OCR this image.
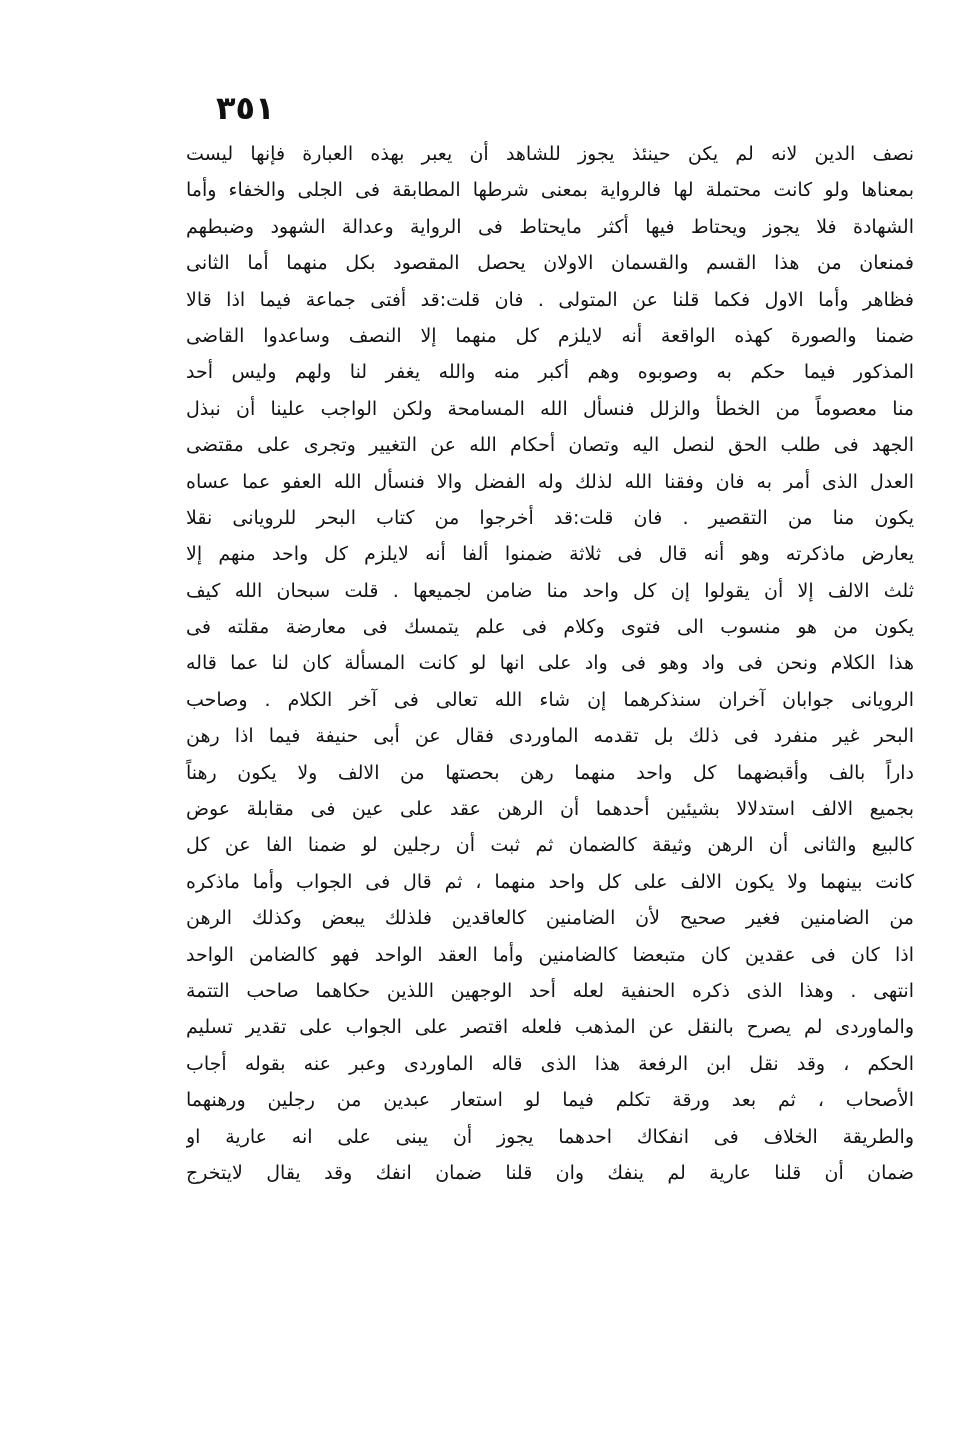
٣٥١
نصف الدين لانه لم يكن حينئذ يجوز للشاهد أن يعبر بهذه العبارة فإنها ليست
بمعناها ولو كانت محتملة لها فالرواية بمعنى شرطها المطابقة فى الجلى والخفاء وأما
الشهادة فلا يجوز ويحتاط فيها أكثر مايحتاط فى الرواية وعدالة الشهود وضبطهم
فمنعان من هذا القسم والقسمان الاولان يحصل المقصود بكل منهما أما الثانى
فظاهر وأما الاول فكما قلنا عن المتولى . فان قلت:قد أفتى جماعة فيما اذا قالا
ضمنا والصورة كهذه الواقعة أنه لايلزم كل منهما إلا النصف وساعدوا القاضى
المذكور فيما حكم به وصوبوه وهم أكبر منه والله يغفر لنا ولهم وليس أحد
منا معصوماً من الخطأ والزلل فنسأل الله المسامحة ولكن الواجب علينا أن نبذل
الجهد فى طلب الحق لنصل اليه وتصان أحكام الله عن التغيير وتجرى على مقتضى
العدل الذى أمر به فان وفقنا الله لذلك وله الفضل والا فنسأل الله العفو عما عساه
يكون منا من التقصير . فان قلت:قد أخرجوا من كتاب البحر للرويانى نقلا
يعارض ماذكرته وهو أنه قال فى ثلاثة ضمنوا ألفا أنه لايلزم كل واحد منهم إلا
ثلث الالف إلا أن يقولوا إن كل واحد منا ضامن لجميعها . قلت سبحان الله كيف
يكون من هو منسوب الى فتوى وكلام فى علم يتمسك فى معارضة مقلته فى
هذا الكلام ونحن فى واد وهو فى واد على انها لو كانت المسألة كان لنا عما قاله
الرويانى جوابان آخران سنذكرهما إن شاء الله تعالى فى آخر الكلام . وصاحب
البحر غير منفرد فى ذلك بل تقدمه الماوردى فقال عن أبى حنيفة فيما اذا رهن
داراً بالف وأقبضهما كل واحد منهما رهن بحصتها من الالف ولا يكون رهناً
بجميع الالف استدلالا بشيئين أحدهما أن الرهن عقد على عين فى مقابلة عوض
كالبيع والثانى أن الرهن وثيقة كالضمان ثم ثبت أن رجلين لو ضمنا الفا عن كل
كانت بينهما ولا يكون الالف على كل واحد منهما ، ثم قال فى الجواب وأما ماذكره
من الضامنين فغير صحيح لأن الضامنين كالعاقدين فلذلك يبعض وكذلك الرهن
اذا كان فى عقدين كان متبعضا كالضامنين وأما العقد الواحد فهو كالضامن الواحد
انتهى . وهذا الذى ذكره الحنفية لعله أحد الوجهين اللذين حكاهما صاحب التتمة
والماوردى لم يصرح بالنقل عن المذهب فلعله اقتصر على الجواب على تقدير تسليم
الحكم ، وقد نقل ابن الرفعة هذا الذى قاله الماوردى وعبر عنه بقوله أجاب
الأصحاب ، ثم بعد ورقة تكلم فيما لو استعار عبدين من رجلين ورهنهما
والطريقة الخلاف فى انفكاك احدهما يجوز أن يبنى على انه عارية او
ضمان أن قلنا عارية لم ينفك وان قلنا ضمان انفك وقد يقال لايتخرج
